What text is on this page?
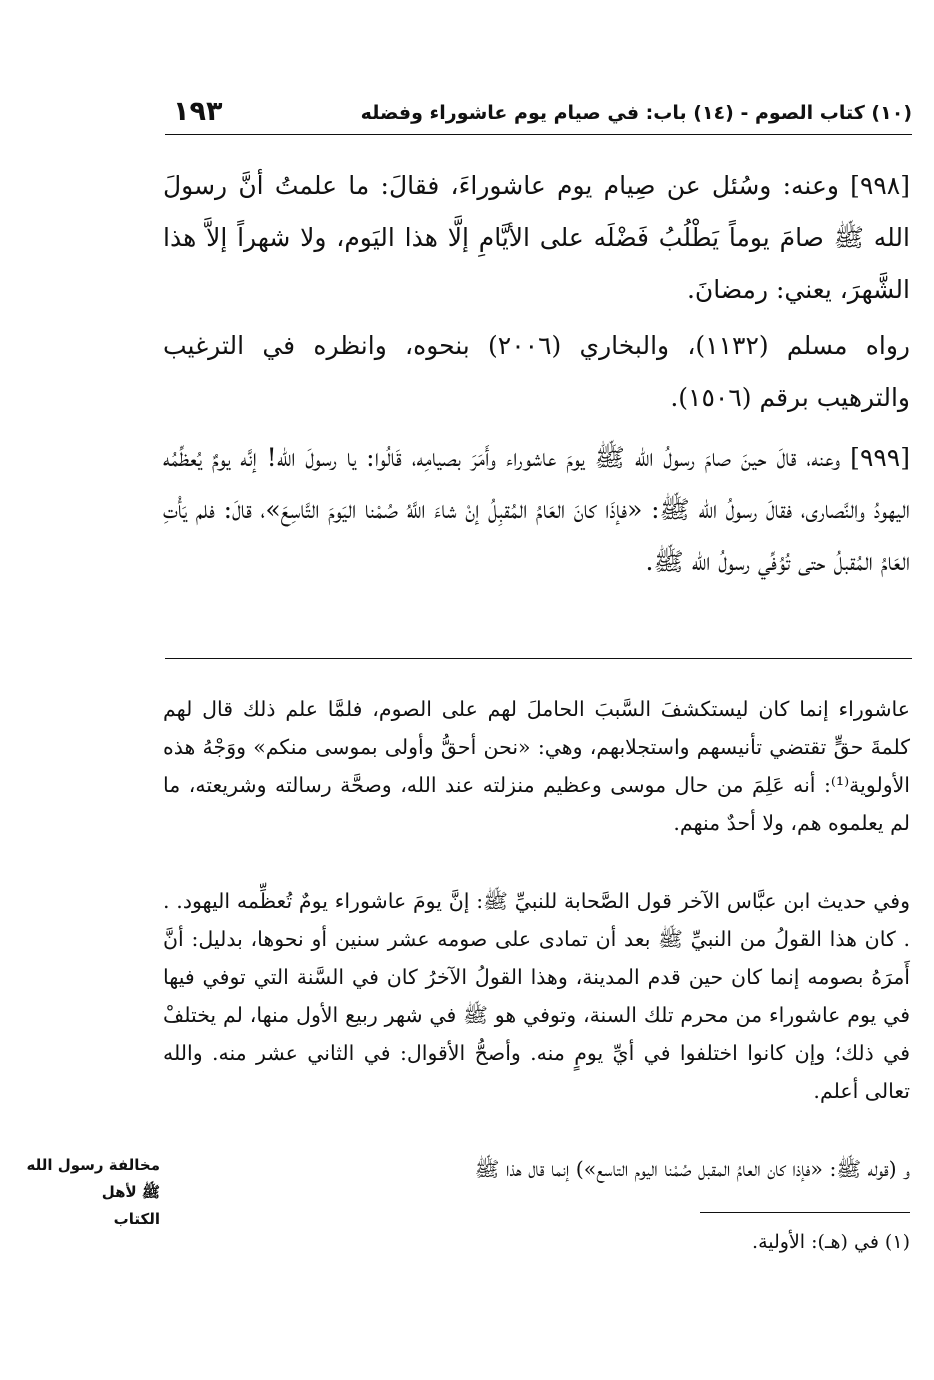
(١٠) كتاب الصوم - (١٤) باب: في صيام يوم عاشوراء وفضله
١٩٣

[٩٩٨] وعنه: وسُئل عن صِيام يوم عاشوراءَ، فقالَ: ما علمتُ أنَّ رسولَ الله ﷺ صامَ يوماً يَطْلُبُ فَضْلَه على الأيَّامِ إلَّا هذا اليَوم، ولا شهراً إلاَّ هذا الشَّهرَ، يعني: رمضانَ.

رواه مسلم (١١٣٢)، والبخاري (٢٠٠٦) بنحوه، وانظره في الترغيب والترهيب برقم (١٥٠٦).

[٩٩٩] وعنه، قالَ حينَ صامَ رسولُ الله ﷺ يومَ عاشوراء وأَمَرَ بصيامِه، قَالُوا: يا رسولَ الله! إنَّه يومٌ يُعظِّمُه اليهودُ والنَّصارى، فقالَ رسولُ الله ﷺ: «فإذَا كانَ العَامُ المُقبِلُ إنْ شاءَ اللَّهُ صُمْنا اليَومَ التَّاسِعَ»، قالَ: فلم يَأْتِ العَامُ المُقبلُ حتى تُوُفِّي رسولُ الله ﷺ.

عاشوراء إنما كان ليستكشفَ السَّببَ الحاملَ لهم على الصوم، فلمَّا علم ذلك قال لهم كلمةَ حقٍّ تقتضي تأنيسهم واستجلابهم، وهي: «نحن أحقُّ وأولى بموسى منكم» ووَجْهُ هذه الأولوية⁽¹⁾: أنه عَلِمَ من حال موسى وعظيم منزلته عند الله، وصحَّة رسالته وشريعته، ما لم يعلموه هم، ولا أحدٌ منهم.

وفي حديث ابن عبَّاس الآخر قول الصَّحابة للنبيِّ ﷺ: إنَّ يومَ عاشوراء يومٌ تُعظِّمه اليهود. . . كان هذا القولُ من النبيِّ ﷺ بعد أن تمادى على صومه عشر سنين أو نحوها، بدليل: أنَّ أَمرَهُ بصومه إنما كان حين قدم المدينة، وهذا القولُ الآخرُ كان في السَّنة التي توفي فيها في يوم عاشوراء من محرم تلك السنة، وتوفي هو ﷺ في شهر ربيع الأول منها، لم يختلفْ في ذلك؛ وإن كانوا اختلفوا في أيِّ يومٍ منه. وأصحُّ الأقوال: في الثاني عشر منه. والله تعالى أعلم.

و (قوله ﷺ: «فإذا كان العامُ المقبل صُمْنا اليوم التاسع») إنما قال هذا ﷺ

مخالفة رسول الله
ﷺ لأهل
الكتاب
(١) في (هـ): الأولية.
